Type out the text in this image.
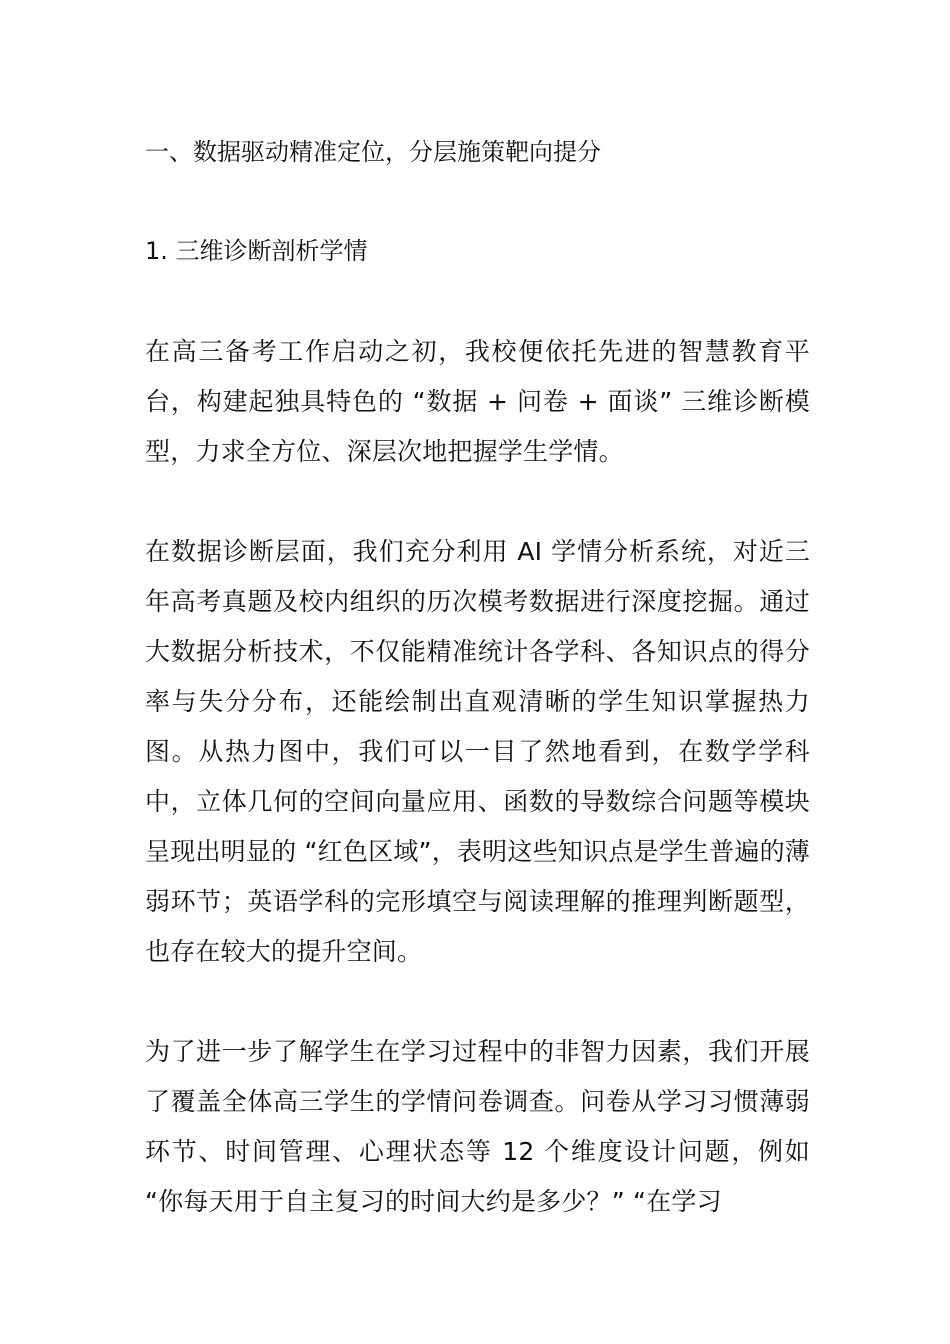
一、数据驱动精准定位，分层施策靶向提分
1. 三维诊断剖析学情

在高三备考工作启动之初，我校便依托先进的智慧教育平台，构建起独具特色的 “数据 + 问卷 + 面谈” 三维诊断模型，力求全方位、深层次地把握学生学情。

在数据诊断层面，我们充分利用 AI 学情分析系统，对近三年高考真题及校内组织的历次模考数据进行深度挖掘。通过大数据分析技术，不仅能精准统计各学科、各知识点的得分率与失分分布，还能绘制出直观清晰的学生知识掌握热力图。从热力图中，我们可以一目了然地看到，在数学学科中，立体几何的空间向量应用、函数的导数综合问题等模块呈现出明显的 “红色区域”，表明这些知识点是学生普遍的薄弱环节；英语学科的完形填空与阅读理解的推理判断题型，也存在较大的提升空间。

为了进一步了解学生在学习过程中的非智力因素，我们开展了覆盖全体高三学生的学情问卷调查。问卷从学习习惯薄弱环节、时间管理、心理状态等 12 个维度设计问题，例如 “你每天用于自主复习的时间大约是多少？” “在学习
